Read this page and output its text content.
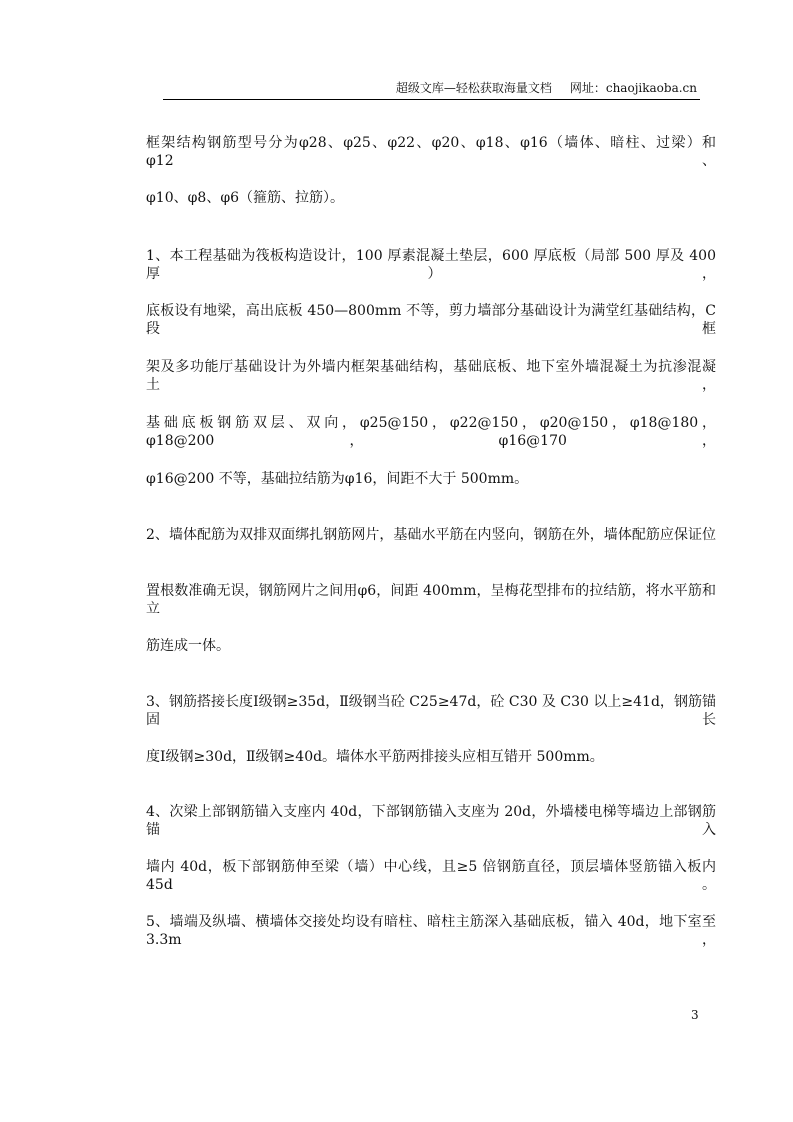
超级文库—轻松获取海量文档 网址：chaojikaoba.cn
框架结构钢筋型号分为φ28、φ25、φ22、φ20、φ18、φ16（墙体、暗柱、过梁）和φ12、
φ10、φ8、φ6（箍筋、拉筋）。
1、本工程基础为筏板构造设计，100 厚素混凝土垫层，600 厚底板（局部 500 厚及 400 厚），
底板设有地梁，高出底板 450—800mm 不等，剪力墙部分基础设计为满堂红基础结构，C 段框
架及多功能厅基础设计为外墙内框架基础结构，基础底板、地下室外墙混凝土为抗渗混凝土，
基础底板钢筋双层、双向，φ25@150，φ22@150，φ20@150，φ18@180，φ18@200，φ16@170，
φ16@200 不等，基础拉结筋为φ16，间距不大于 500mm。
2、墙体配筋为双排双面绑扎钢筋网片，基础水平筋在内竖向，钢筋在外，墙体配筋应保证位
置根数准确无误，钢筋网片之间用φ6，间距 400mm，呈梅花型排布的拉结筋，将水平筋和立
筋连成一体。
3、钢筋搭接长度Ⅰ级钢≥35d，Ⅱ级钢当砼 C25≥47d，砼 C30 及 C30 以上≥41d，钢筋锚固长
度Ⅰ级钢≥30d，Ⅱ级钢≥40d。墙体水平筋两排接头应相互错开 500mm。
4、次梁上部钢筋锚入支座内 40d，下部钢筋锚入支座为 20d，外墙楼电梯等墙边上部钢筋锚入
墙内 40d，板下部钢筋伸至梁（墙）中心线，且≥5 倍钢筋直径，顶层墙体竖筋锚入板内 45d。
5、墙端及纵墙、横墙体交接处均设有暗柱、暗柱主筋深入基础底板，锚入 40d，地下室至 3.3m，
3
